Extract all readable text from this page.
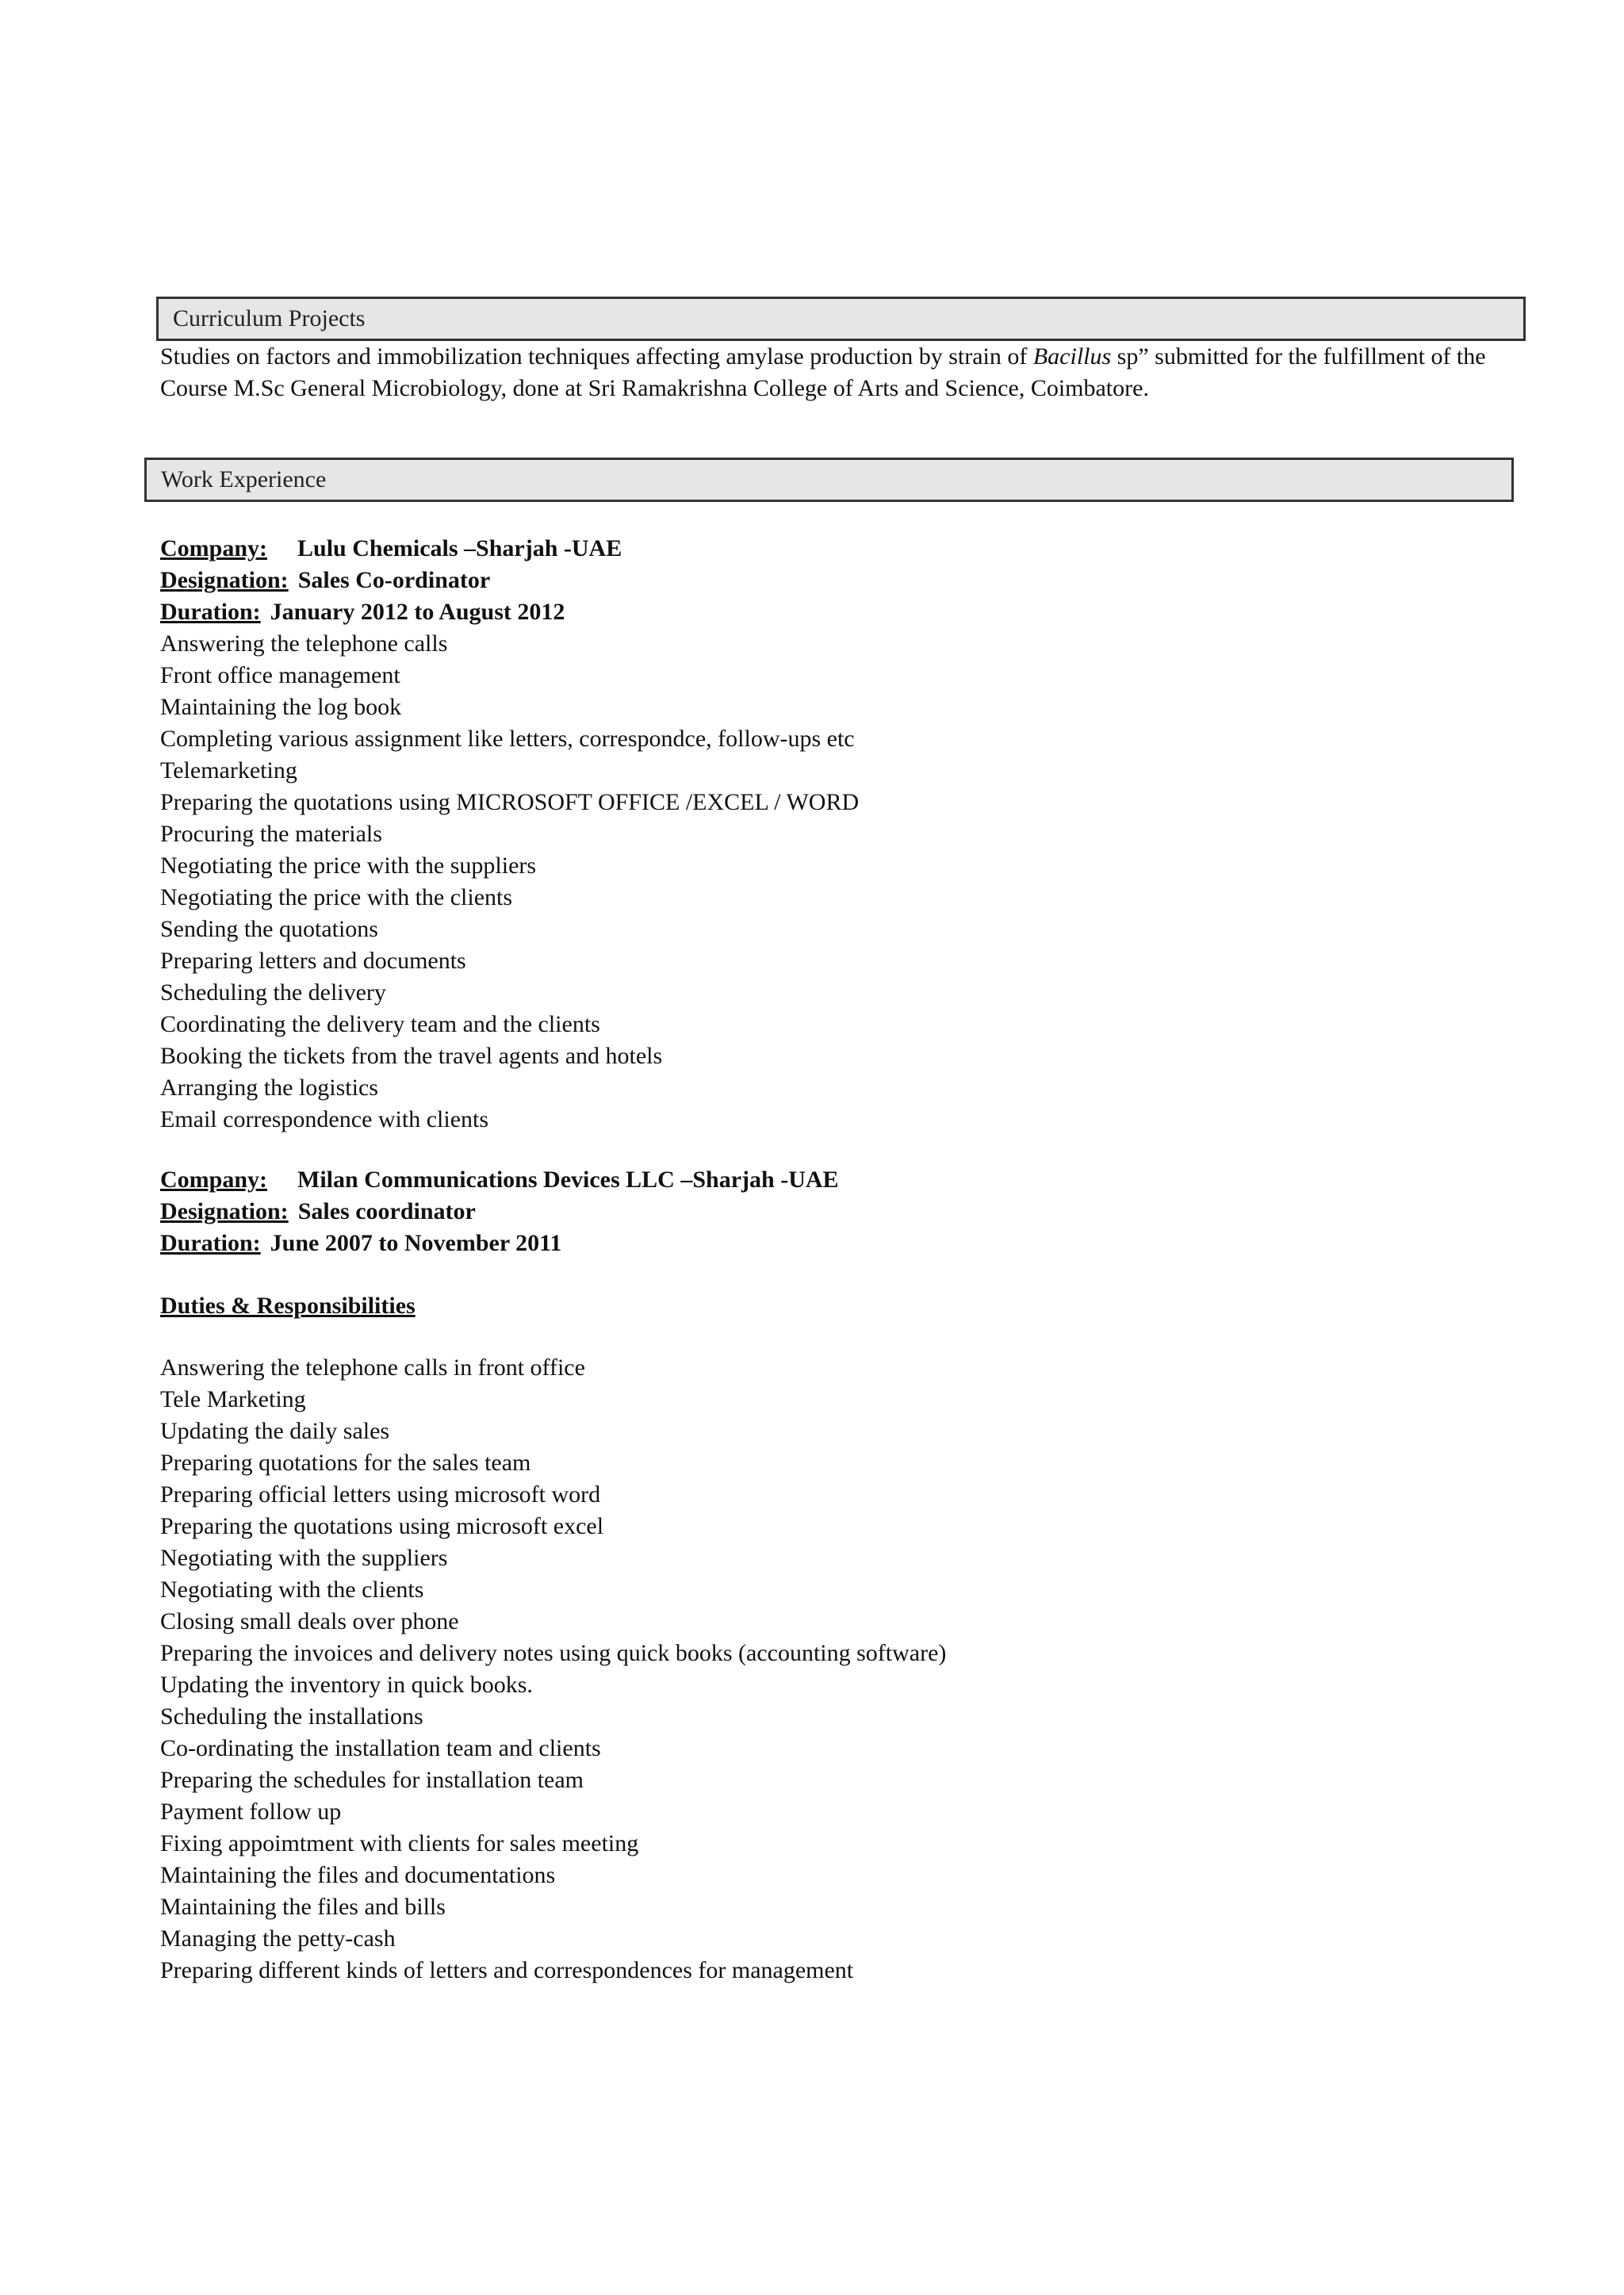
Curriculum Projects
Studies on factors and immobilization techniques affecting amylase production by strain of Bacillus sp” submitted for the fulfillment of the Course M.Sc General Microbiology, done at Sri Ramakrishna College of Arts and Science, Coimbatore.
Work Experience
Company: Lulu Chemicals –Sharjah -UAE
Designation: Sales Co-ordinator
Duration: January 2012 to August 2012
Answering the telephone calls
Front office management
Maintaining the log book
Completing various assignment like letters, correspondce, follow-ups etc
Telemarketing
Preparing the quotations using MICROSOFT OFFICE /EXCEL / WORD
Procuring the materials
Negotiating the price with the suppliers
Negotiating the price with the clients
Sending the quotations
Preparing letters and documents
Scheduling the delivery
Coordinating the delivery team and the clients
Booking the tickets from the travel agents and hotels
Arranging the logistics
Email correspondence with clients
Company: Milan Communications Devices LLC –Sharjah -UAE
Designation: Sales coordinator
Duration: June 2007 to November 2011
Duties & Responsibilities
Answering the telephone calls in front office
Tele Marketing
Updating the daily sales
Preparing quotations for the sales team
Preparing official letters using microsoft word
Preparing the quotations using microsoft excel
Negotiating with the suppliers
Negotiating with the clients
Closing small deals over phone
Preparing the invoices and delivery notes using quick books (accounting software)
Updating the inventory in quick books.
Scheduling the installations
Co-ordinating the installation team and clients
Preparing the schedules for installation team
Payment follow up
Fixing appoimtment with clients for sales meeting
Maintaining the files and documentations
Maintaining the files and bills
Managing the petty-cash
Preparing different kinds of letters and correspondences for management
